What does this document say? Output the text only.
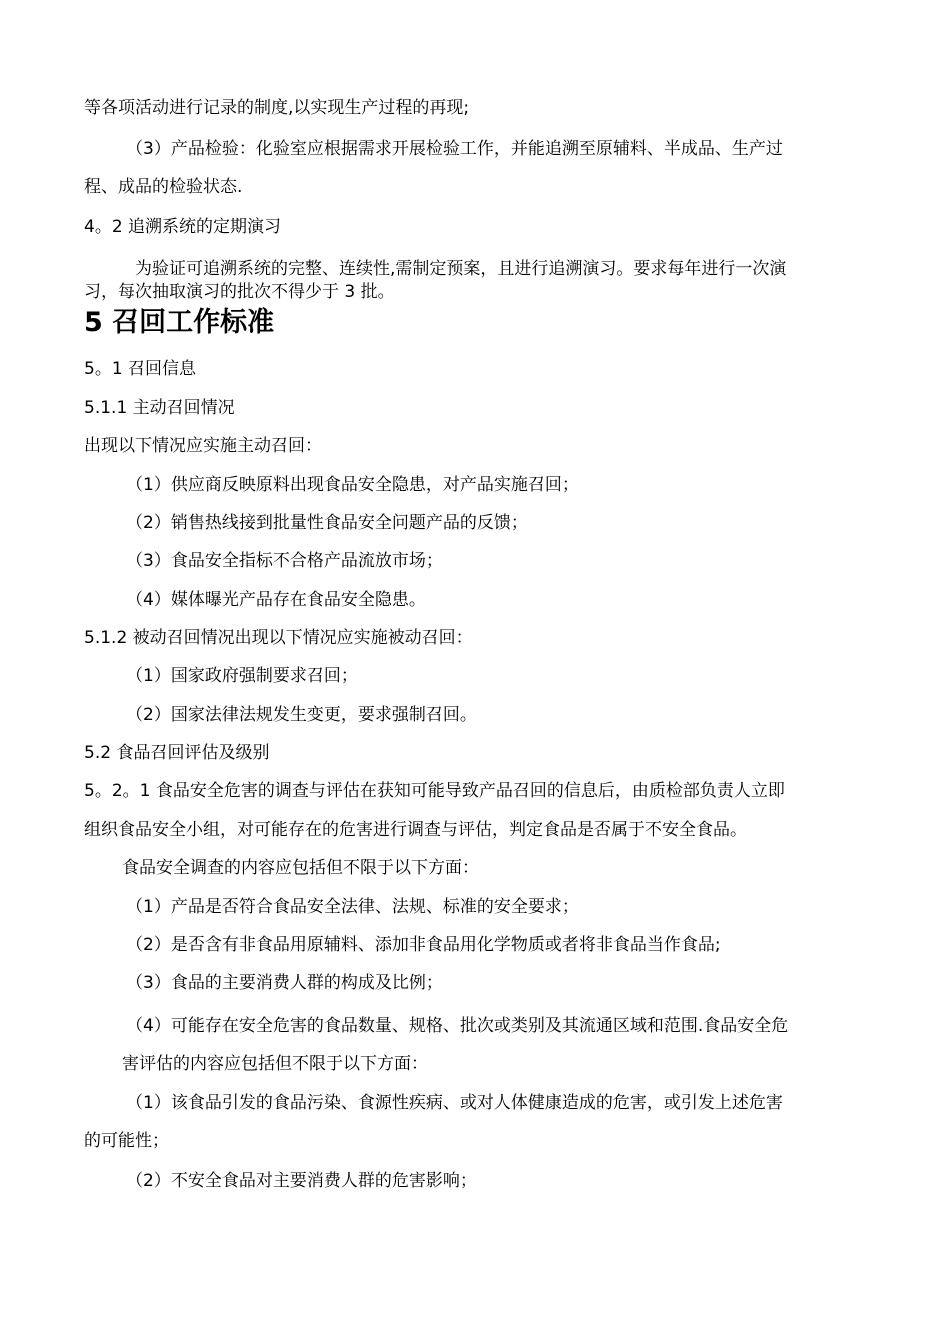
等各项活动进行记录的制度,以实现生产过程的再现;

（3）产品检验：化验室应根据需求开展检验工作，并能追溯至原辅料、半成品、生产过

程、成品的检验状态.

4。2 追溯系统的定期演习

为验证可追溯系统的完整、连续性,需制定预案，且进行追溯演习。要求每年进行一次演

习，每次抽取演习的批次不得少于 3 批。

5 召回工作标准

5。1 召回信息

5.1.1 主动召回情况

出现以下情况应实施主动召回：

（1）供应商反映原料出现食品安全隐患，对产品实施召回；

（2）销售热线接到批量性食品安全问题产品的反馈；

（3）食品安全指标不合格产品流放市场；

（4）媒体曝光产品存在食品安全隐患。

5.1.2 被动召回情况出现以下情况应实施被动召回：

（1）国家政府强制要求召回；

（2）国家法律法规发生变更，要求强制召回。

5.2 食品召回评估及级别

5。2。1 食品安全危害的调查与评估在获知可能导致产品召回的信息后，由质检部负责人立即

组织食品安全小组，对可能存在的危害进行调查与评估，判定食品是否属于不安全食品。

食品安全调查的内容应包括但不限于以下方面：

（1）产品是否符合食品安全法律、法规、标准的安全要求；

（2）是否含有非食品用原辅料、添加非食品用化学物质或者将非食品当作食品;

（3）食品的主要消费人群的构成及比例；

（4）可能存在安全危害的食品数量、规格、批次或类别及其流通区域和范围.食品安全危

害评估的内容应包括但不限于以下方面：

（1）该食品引发的食品污染、食源性疾病、或对人体健康造成的危害，或引发上述危害

的可能性；

（2）不安全食品对主要消费人群的危害影响；
